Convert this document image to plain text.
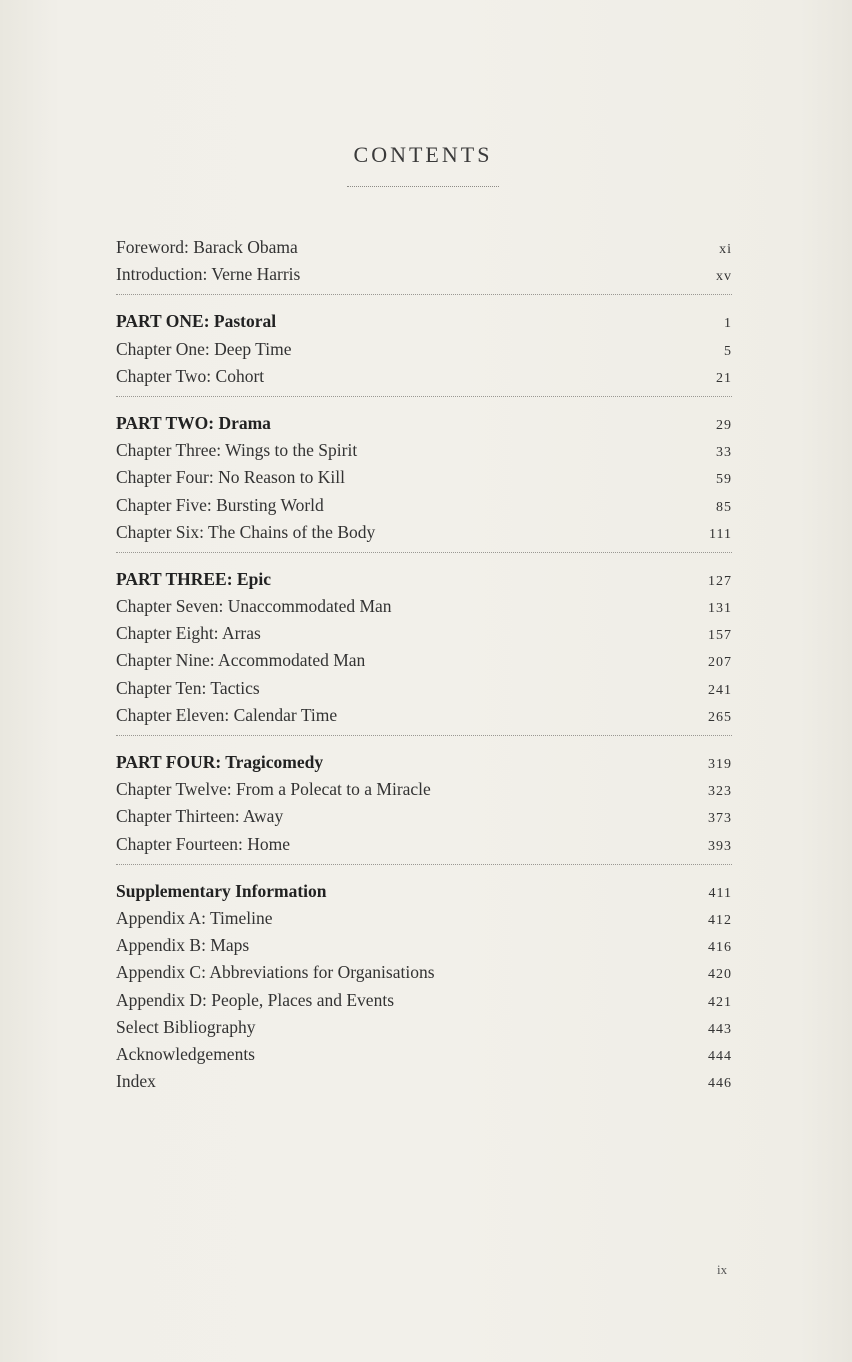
CONTENTS
Foreword: Barack Obama	xi
Introduction: Verne Harris	xv
PART ONE: Pastoral	1
Chapter One: Deep Time	5
Chapter Two: Cohort	21
PART TWO: Drama	29
Chapter Three: Wings to the Spirit	33
Chapter Four: No Reason to Kill	59
Chapter Five: Bursting World	85
Chapter Six: The Chains of the Body	111
PART THREE: Epic	127
Chapter Seven: Unaccommodated Man	131
Chapter Eight: Arras	157
Chapter Nine: Accommodated Man	207
Chapter Ten: Tactics	241
Chapter Eleven: Calendar Time	265
PART FOUR: Tragicomedy	319
Chapter Twelve: From a Polecat to a Miracle	323
Chapter Thirteen: Away	373
Chapter Fourteen: Home	393
Supplementary Information	411
Appendix A: Timeline	412
Appendix B: Maps	416
Appendix C: Abbreviations for Organisations	420
Appendix D: People, Places and Events	421
Select Bibliography	443
Acknowledgements	444
Index	446
ix
